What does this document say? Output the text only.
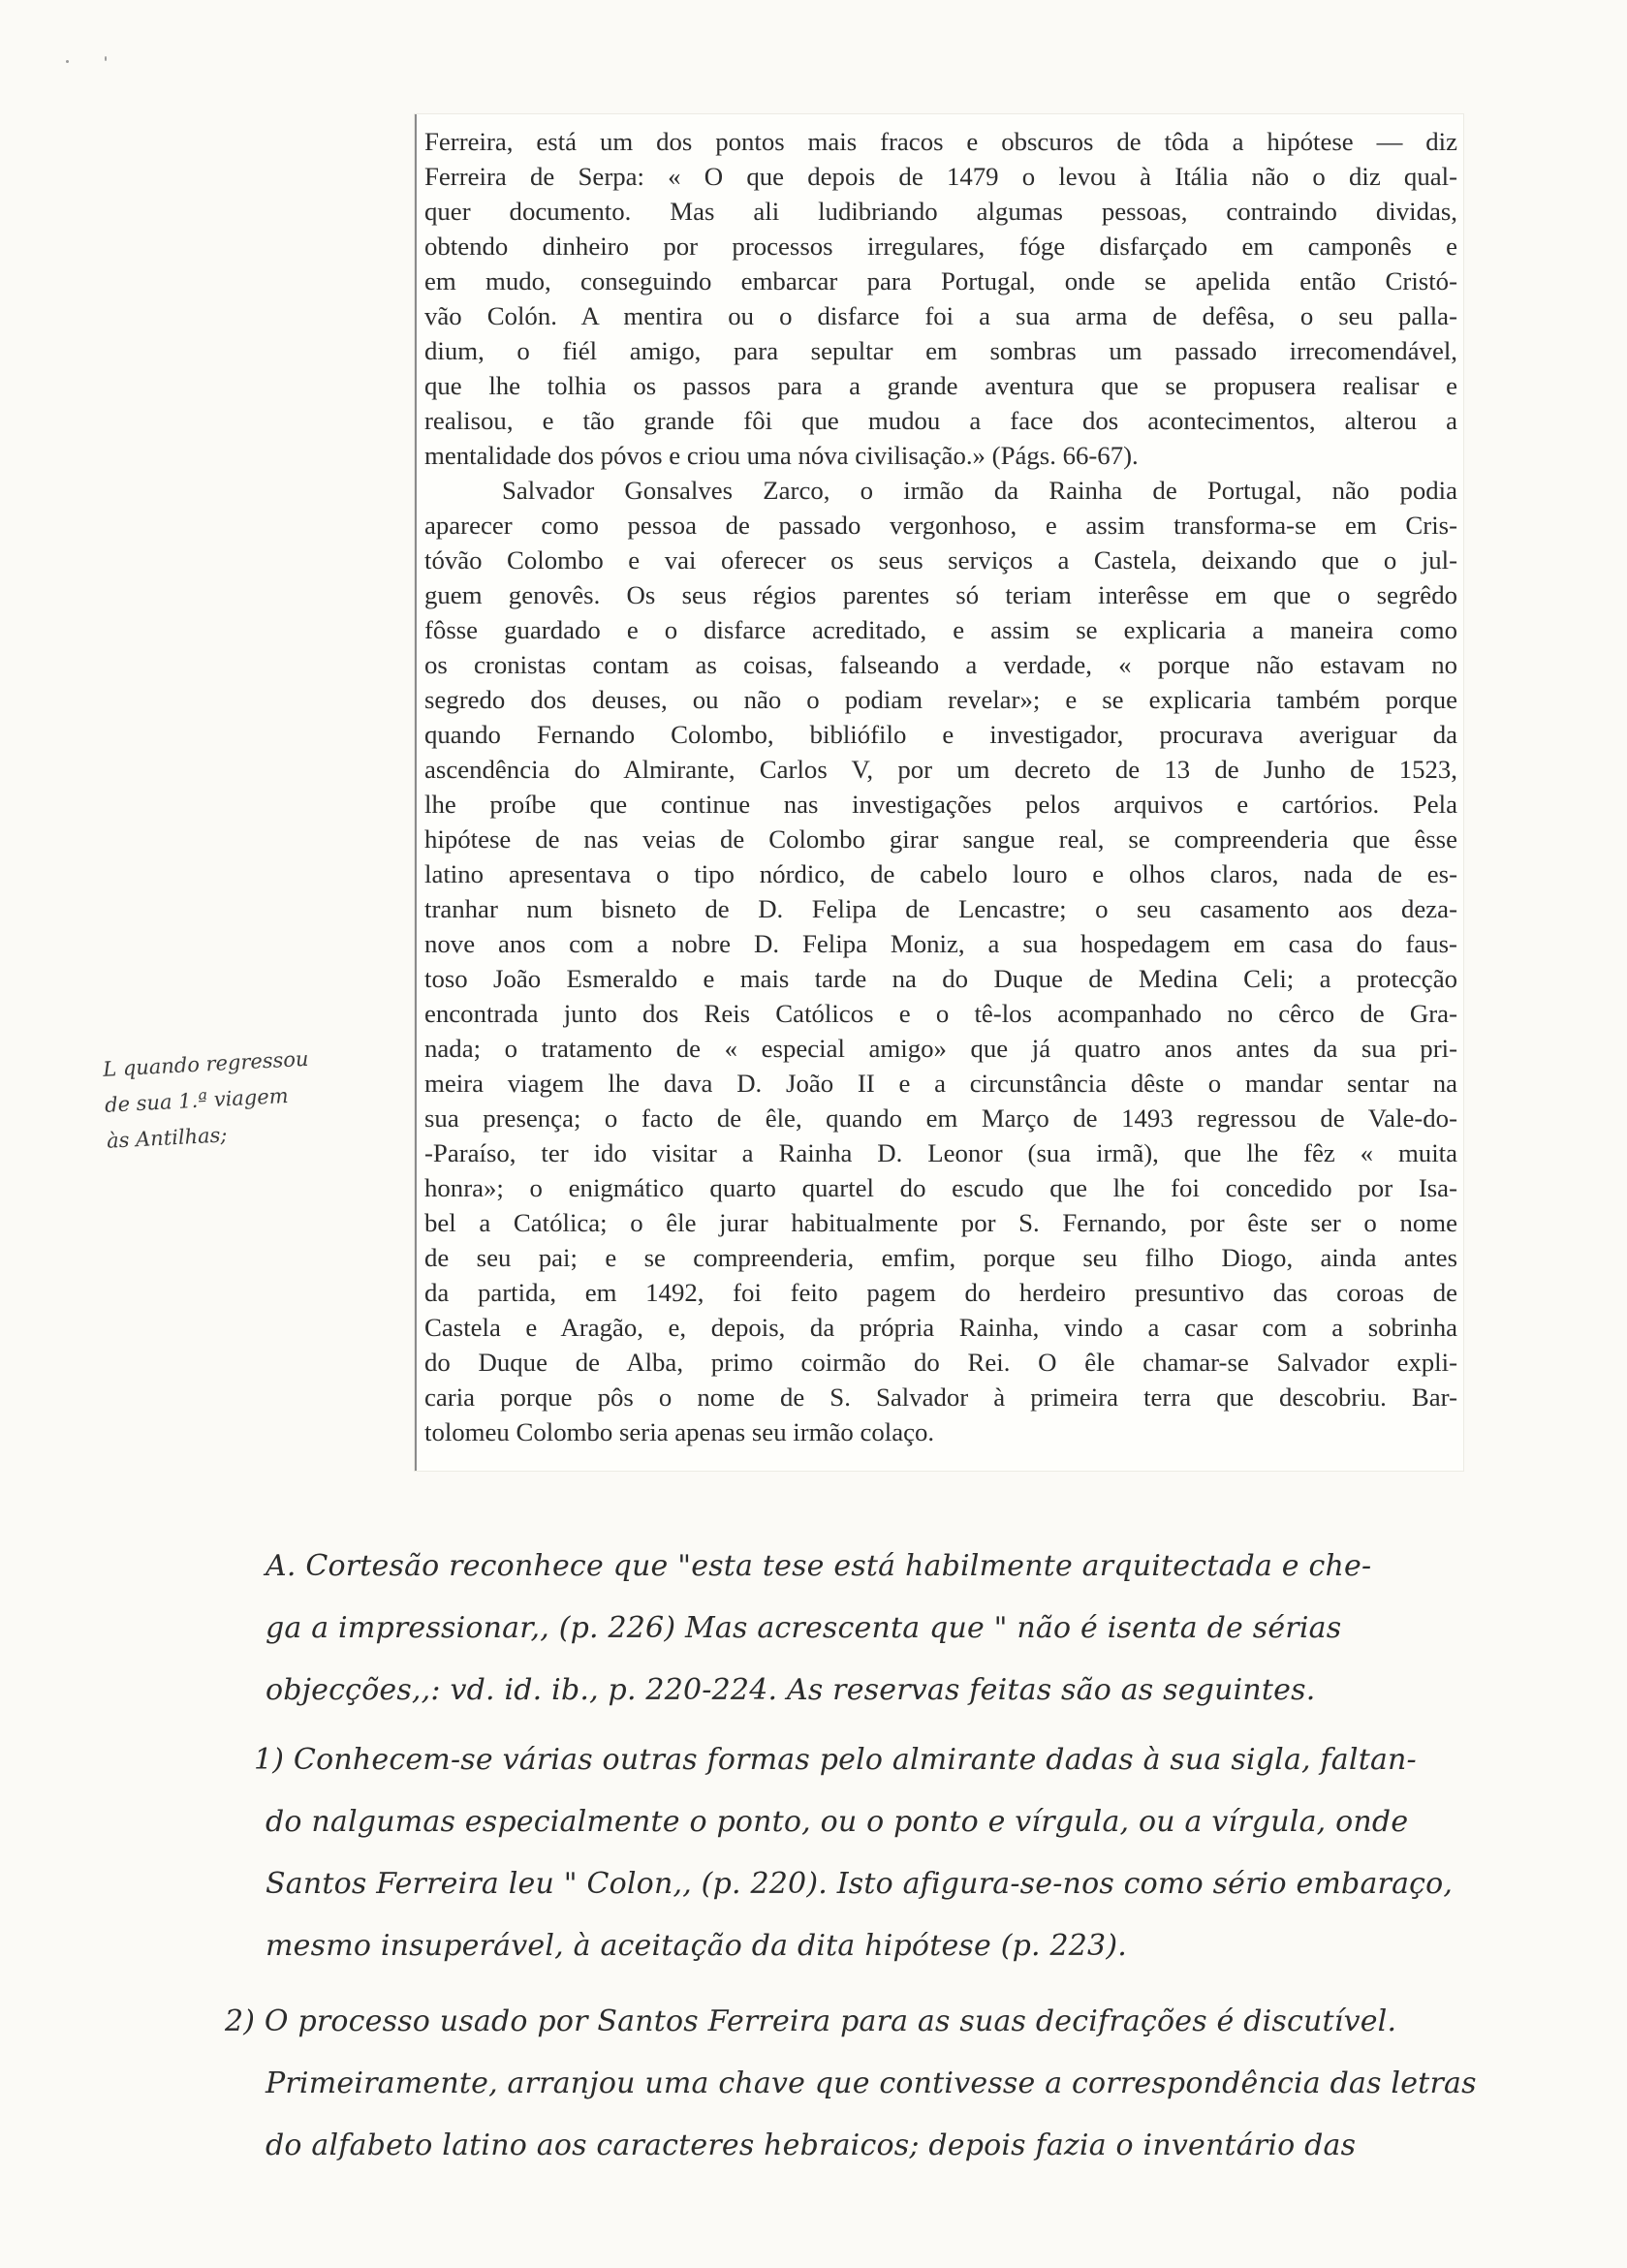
Ferreira, está um dos pontos mais fracos e obscuros de tôda a hipótese — diz
Ferreira de Serpa: « O que depois de 1479 o levou à Itália não o diz qual-
quer documento. Mas ali ludibriando algumas pessoas, contraindo dividas,
obtendo dinheiro por processos irregulares, fóge disfarçado em camponês e
em mudo, conseguindo embarcar para Portugal, onde se apelida então Cristó-
vão Colón. A mentira ou o disfarce foi a sua arma de defêsa, o seu palla-
dium, o fiél amigo, para sepultar em sombras um passado irrecomendável,
que lhe tolhia os passos para a grande aventura que se propusera realisar e
realisou, e tão grande fôi que mudou a face dos acontecimentos, alterou a
mentalidade dos póvos e criou uma nóva civilisação.» (Págs. 66-67).
Salvador Gonsalves Zarco, o irmão da Rainha de Portugal, não podia
aparecer como pessoa de passado vergonhoso, e assim transforma-se em Cris-
tóvão Colombo e vai oferecer os seus serviços a Castela, deixando que o jul-
guem genovês. Os seus régios parentes só teriam interêsse em que o segrêdo
fôsse guardado e o disfarce acreditado, e assim se explicaria a maneira como
os cronistas contam as coisas, falseando a verdade, « porque não estavam no
segredo dos deuses, ou não o podiam revelar»; e se explicaria também porque
quando Fernando Colombo, bibliófilo e investigador, procurava averiguar da
ascendência do Almirante, Carlos V, por um decreto de 13 de Junho de 1523,
lhe proíbe que continue nas investigações pelos arquivos e cartórios. Pela
hipótese de nas veias de Colombo girar sangue real, se compreenderia que êsse
latino apresentava o tipo nórdico, de cabelo louro e olhos claros, nada de es-
tranhar num bisneto de D. Felipa de Lencastre; o seu casamento aos deza-
nove anos com a nobre D. Felipa Moniz, a sua hospedagem em casa do faus-
toso João Esmeraldo e mais tarde na do Duque de Medina Celi; a protecção
encontrada junto dos Reis Católicos e o tê-los acompanhado no cêrco de Gra-
nada; o tratamento de « especial amigo» que já quatro anos antes da sua pri-
meira viagem lhe dava D. João II e a circunstância dêste o mandar sentar na
sua presença; o facto de êle, quando em Março de 1493 regressou de Vale-do-
-Paraíso, ter ido visitar a Rainha D. Leonor (sua irmã), que lhe fêz « muita
honra»; o enigmático quarto quartel do escudo que lhe foi concedido por Isa-
bel a Católica; o êle jurar habitualmente por S. Fernando, por êste ser o nome
de seu pai; e se compreenderia, emfim, porque seu filho Diogo, ainda antes
da partida, em 1492, foi feito pagem do herdeiro presuntivo das coroas de
Castela e Aragão, e, depois, da própria Rainha, vindo a casar com a sobrinha
do Duque de Alba, primo coirmão do Rei. O êle chamar-se Salvador expli-
caria porque pôs o nome de S. Salvador à primeira terra que descobriu. Bar-
tolomeu Colombo seria apenas seu irmão colaço.
L quando regressou
de sua 1.ª viagem
às Antilhas;
A. Cortesão reconhece que "esta tese está habilmente arquitectada e che-
ga a impressionar,, (p. 226) Mas acrescenta que " não é isenta de sérias
objecções,,: vd. id. ib., p. 220-224. As reservas feitas são as seguintes.
1) Conhecem-se várias outras formas pelo almirante dadas à sua sigla, faltan-
do nalgumas especialmente o ponto, ou o ponto e vírgula, ou a vírgula, onde
Santos Ferreira leu " Colon,, (p. 220). Isto afigura-se-nos como sério embaraço,
mesmo insuperável, à aceitação da dita hipótese (p. 223).
2) O processo usado por Santos Ferreira para as suas decifrações é discutível.
Primeiramente, arranjou uma chave que contivesse a correspondência das letras
do alfabeto latino aos caracteres hebraicos; depois fazia o inventário das
